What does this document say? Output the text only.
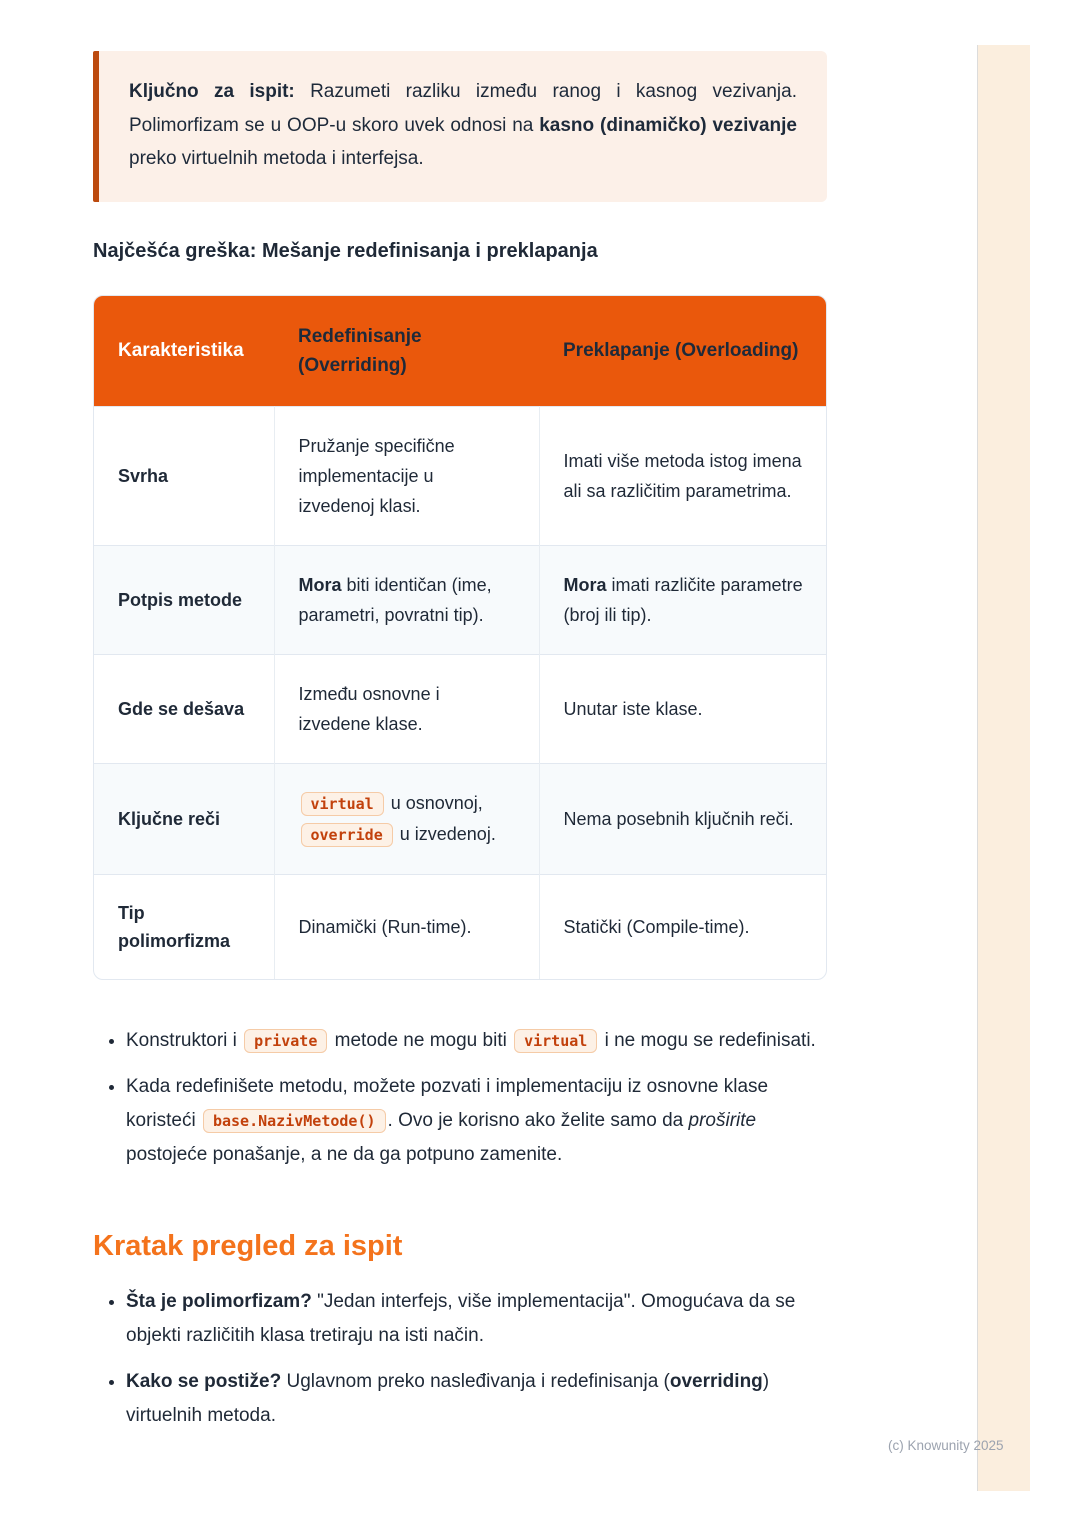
Ključno za ispit: Razumeti razliku između ranog i kasnog vezivanja. Polimorfizam se u OOP-u skoro uvek odnosi na kasno (dinamičko) vezivanje preko virtuelnih metoda i interfejsa.

Najčešća greška: Mešanje redefinisanja i preklapanja
Karakteristika	Redefinisanje (Overriding)	Preklapanje (Overloading)
Svrha	Pružanje specifične implementacije u izvedenoj klasi.	Imati više metoda istog imena ali sa različitim parametrima.
Potpis metode	Mora biti identičan (ime, parametri, povratni tip).	Mora imati različite parametre (broj ili tip).
Gde se dešava	Između osnovne i izvedene klase.	Unutar iste klase.
Ključne reči	virtual u osnovnoj, override u izvedenoj.	Nema posebnih ključnih reči.
Tip polimorfizma	Dinamički (Run-time).	Statički (Compile-time).
• Konstruktori i private metode ne mogu biti virtual i ne mogu se redefinisati.
• Kada redefinišete metodu, možete pozvati i implementaciju iz osnovne klase koristeći base.NazivMetode() . Ovo je korisno ako želite samo da proširite postojeće ponašanje, a ne da ga potpuno zamenite.
Kratak pregled za ispit
• Šta je polimorfizam? "Jedan interfejs, više implementacija". Omogućava da se objekti različitih klasa tretiraju na isti način.
• Kako se postiže? Uglavnom preko nasleđivanja i redefinisanja (overriding) virtuelnih metoda.
(c) Knowunity 2025
